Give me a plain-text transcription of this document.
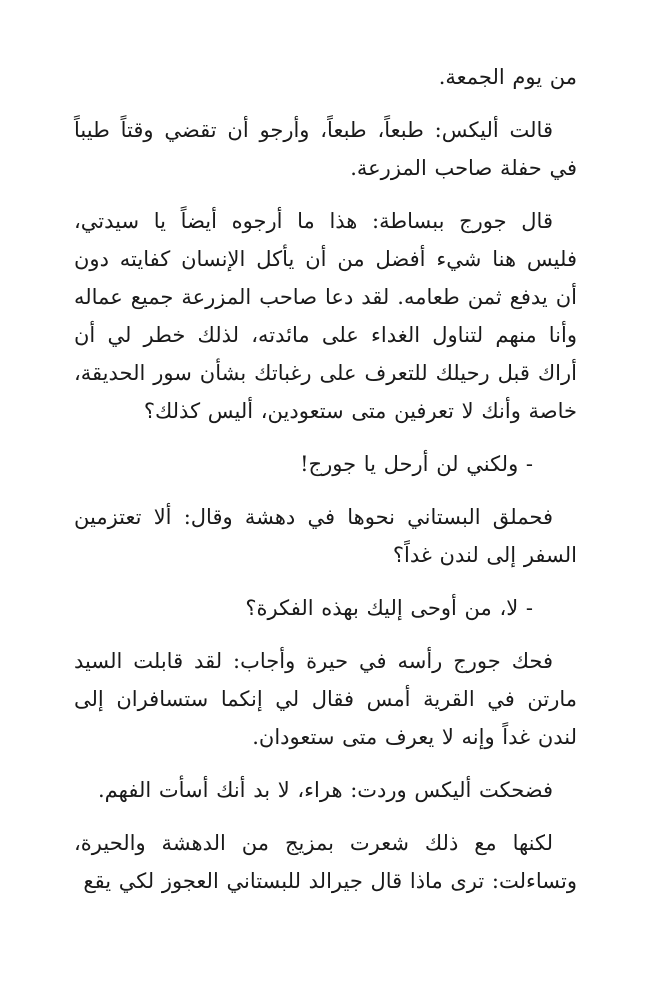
من يوم الجمعة.

قالت أليكس: طبعاً، طبعاً، وأرجو أن تقضي وقتاً طيباً في حفلة صاحب المزرعة.

قال جورج ببساطة: هذا ما أرجوه أيضاً يا سيدتي، فليس هنا شيء أفضل من أن يأكل الإنسان كفايته دون أن يدفع ثمن طعامه. لقد دعا صاحب المزرعة جميع عماله وأنا منهم لتناول الغداء على مائدته، لذلك خطر لي أن أراك قبل رحيلك للتعرف على رغباتك بشأن سور الحديقة، خاصة وأنك لا تعرفين متى ستعودين، أليس كذلك؟

- ولكني لن أرحل يا جورج!

فحملق البستاني نحوها في دهشة وقال: ألا تعتزمين السفر إلى لندن غداً؟

- لا، من أوحى إليك بهذه الفكرة؟

فحك جورج رأسه في حيرة وأجاب: لقد قابلت السيد مارتن في القرية أمس فقال لي إنكما ستسافران إلى لندن غداً وإنه لا يعرف متى ستعودان.

فضحكت أليكس وردت: هراء، لا بد أنك أسأت الفهم.

لكنها مع ذلك شعرت بمزيج من الدهشة والحيرة، وتساءلت: ترى ماذا قال جيرالد للبستاني العجوز لكي يقع
